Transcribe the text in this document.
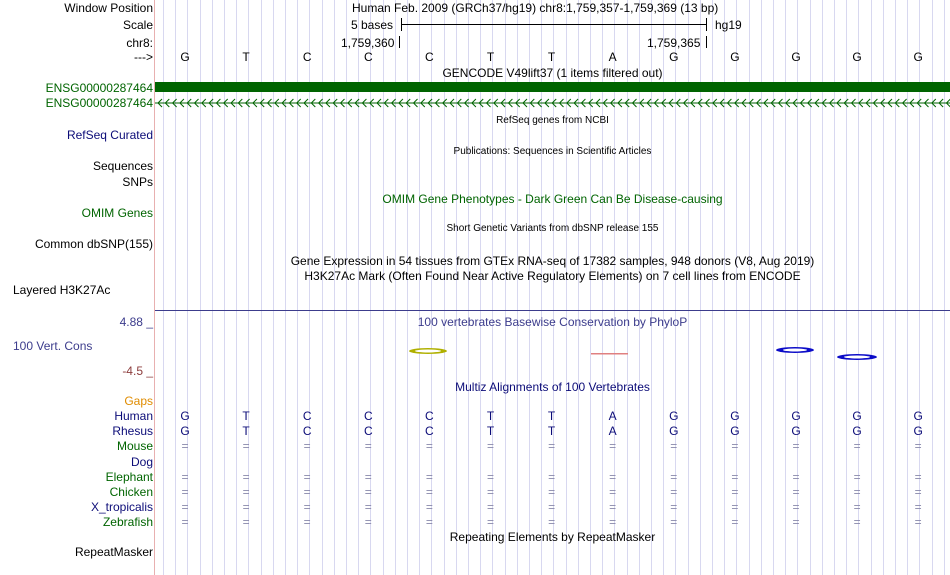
Window Position	Human Feb. 2009 (GRCh37/hg19) chr8:1,759,357-1,759,369 (13 bp)
Scale	5 bases	hg19
chr8:	1,759,360	1,759,365
---> G	T	C	C	C	T	T	A	G	G	G	G	G
GENCODE V49lift37 (1 items filtered out)
ENSG00000287464
ENSG00000287464
RefSeq genes from NCBI
RefSeq Curated
Publications: Sequences in Scientific Articles
Sequences
SNPs
OMIM Gene Phenotypes - Dark Green Can Be Disease-causing
OMIM Genes
Short Genetic Variants from dbSNP release 155
Common dbSNP(155)
Gene Expression in 54 tissues from GTEx RNA-seq of 17382 samples, 948 donors (V8, Aug 2019)
H3K27Ac Mark (Often Found Near Active Regulatory Elements) on 7 cell lines from ENCODE
Layered H3K27Ac
100 vertebrates Basewise Conservation by PhyloP
4.88 _
100 Vert. Cons
-4.5 _
Multiz Alignments of 100 Vertebrates
Gaps
Human G	T	C	C	C	T	T	A	G	G	G	G	G
Rhesus G	T	C	C	C	T	T	A	G	G	G	G	G
Mouse =	=	=	=	=	=	=	=	=	=	=	=	=
Dog
Elephant =	=	=	=	=	=	=	=	=	=	=	=	=
Chicken =	=	=	=	=	=	=	=	=	=	=	=	=
X_tropicalis =	=	=	=	=	=	=	=	=	=	=	=	=
Zebrafish =	=	=	=	=	=	=	=	=	=	=	=	=
Repeating Elements by RepeatMasker
RepeatMasker
